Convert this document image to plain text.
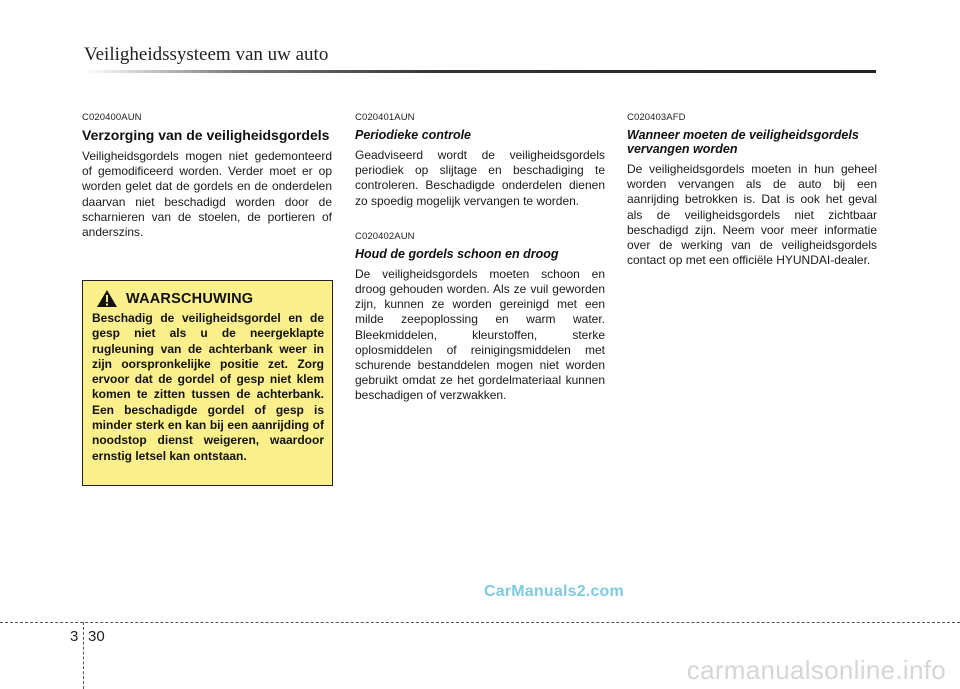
Veiligheidssysteem van uw auto
C020400AUN
Verzorging van de veiligheidsgordels

Veiligheidsgordels mogen niet gedemonteerd of gemodificeerd worden. Verder moet er op worden gelet dat de gordels en de onderdelen daarvan niet beschadigd worden door de scharnieren van de stoelen, de portieren of anderszins.

WAARSCHUWING

Beschadig de veiligheidsgordel en de gesp niet als u de neergeklapte rugleuning van de achterbank weer in zijn oorspronkelijke positie zet. Zorg ervoor dat de gordel of gesp niet klem komen te zitten tussen de achterbank. Een beschadigde gordel of gesp is minder sterk en kan bij een aanrijding of noodstop dienst weigeren, waardoor ernstig letsel kan ontstaan.

C020401AUN
Periodieke controle

Geadviseerd wordt de veiligheidsgordels periodiek op slijtage en beschadiging te controleren. Beschadigde onderdelen dienen zo spoedig mogelijk vervangen te worden.

C020402AUN
Houd de gordels schoon en droog

De veiligheidsgordels moeten schoon en droog gehouden worden. Als ze vuil geworden zijn, kunnen ze worden gereinigd met een milde zeepoplossing en warm water. Bleekmiddelen, kleurstoffen, sterke oplosmiddelen of reinigingsmiddelen met schurende bestanddelen mogen niet worden gebruikt omdat ze het gordelmateriaal kunnen beschadigen of verzwakken.

C020403AFD
Wanneer moeten de veiligheidsgordels vervangen worden

De veiligheidsgordels moeten in hun geheel worden vervangen als de auto bij een aanrijding betrokken is. Dat is ook het geval als de veiligheidsgordels niet zichtbaar beschadigd zijn. Neem voor meer informatie over de werking van de veiligheidsgordels contact op met een officiële HYUNDAI-dealer.

CarManuals2.com
3 30
carmanualsonline.info
